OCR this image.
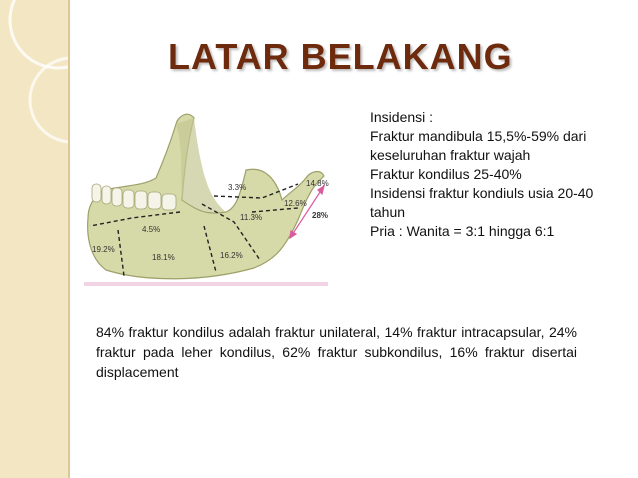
LATAR BELAKANG
14.8%
3.3%
12.6%
28%
11.3%
4.5%
19.2%
18.1%	16.2%
Insidensi :
Fraktur mandibula 15,5%-59% dari keseluruhan fraktur wajah
Fraktur kondilus 25-40%
Insidensi fraktur kondiuls usia 20-40 tahun
Pria : Wanita = 3:1 hingga 6:1
84% fraktur kondilus adalah fraktur unilateral, 14% fraktur intracapsular, 24% fraktur pada leher kondilus, 62% fraktur subkondilus, 16% fraktur disertai displacement
